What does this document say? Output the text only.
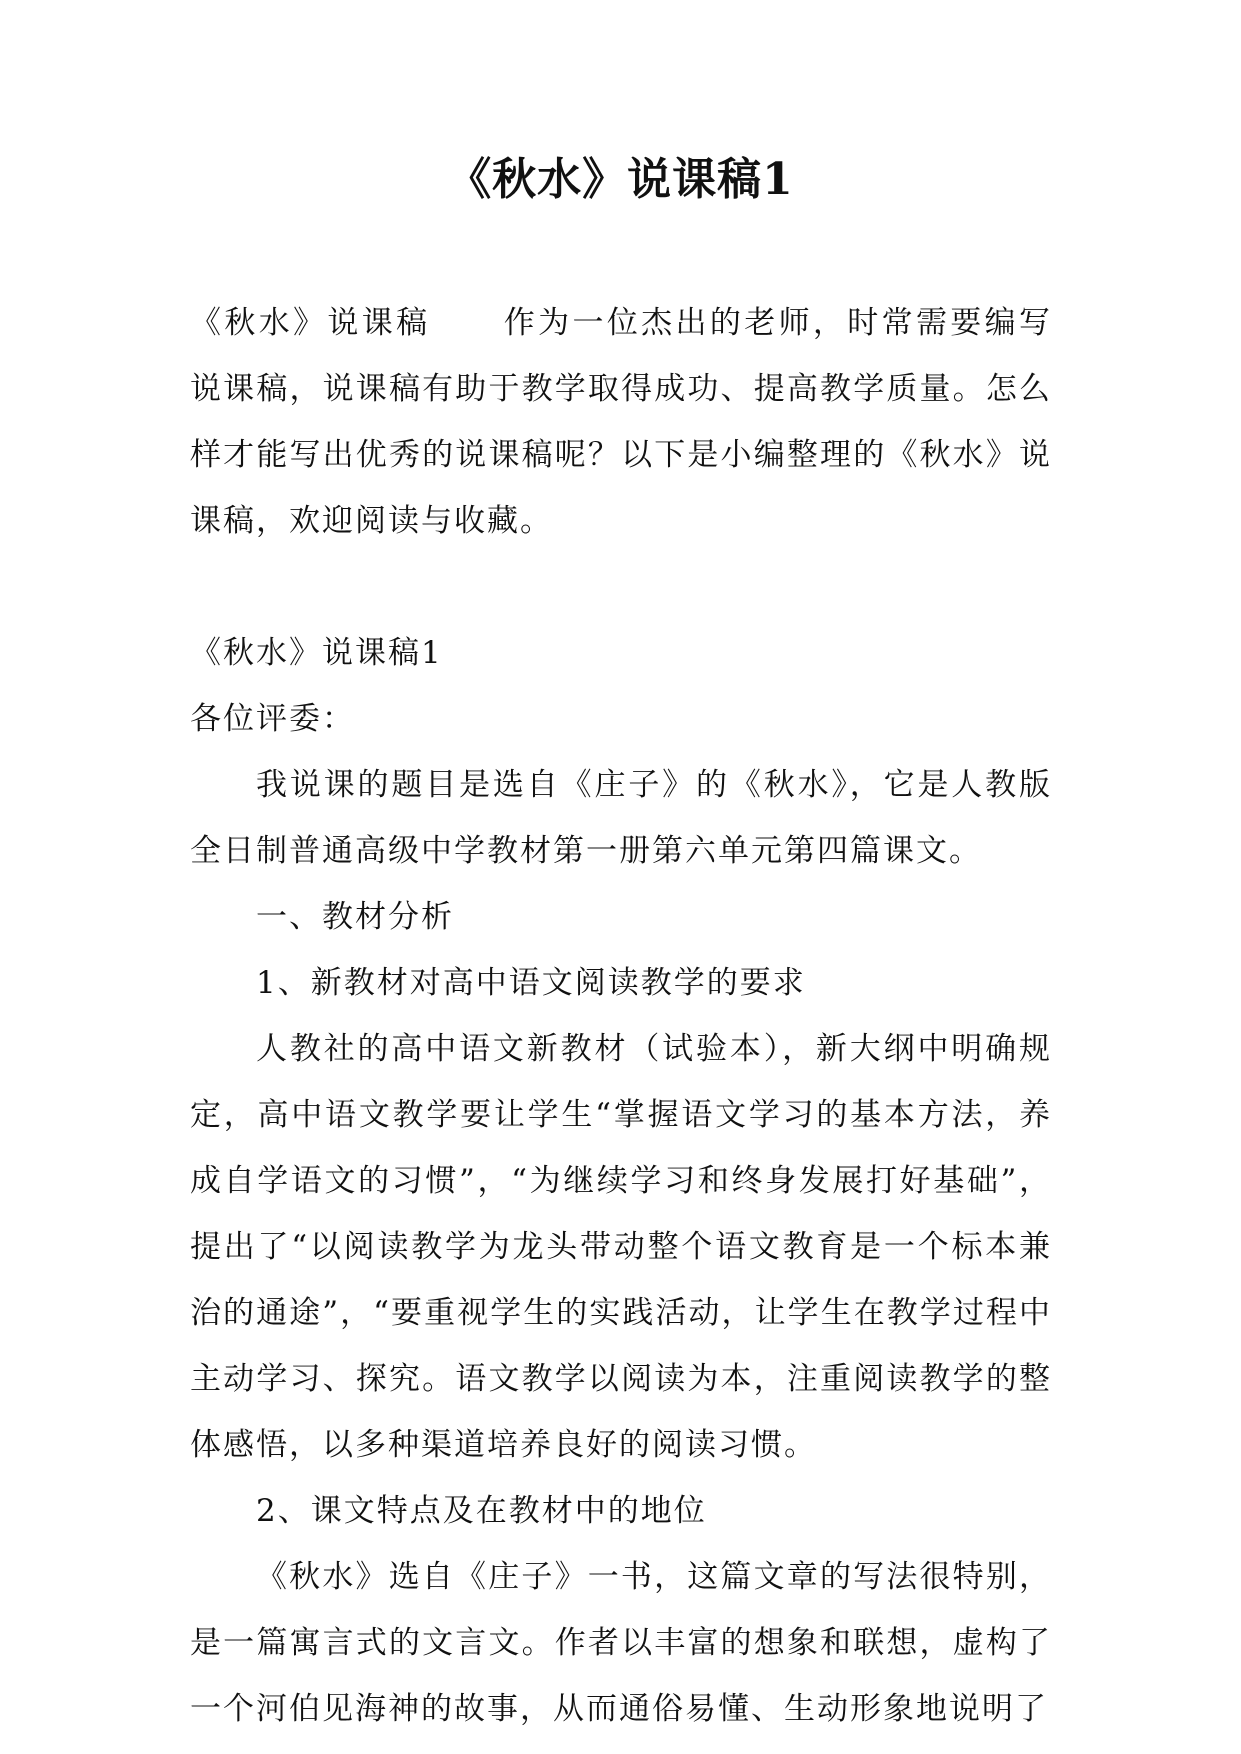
《秋水》说课稿1

《秋水》说课稿 作为一位杰出的老师，时常需要编写说课稿，说课稿有助于教学取得成功、提高教学质量。怎么样才能写出优秀的说课稿呢？以下是小编整理的《秋水》说课稿，欢迎阅读与收藏。

《秋水》说课稿1

各位评委：

我说课的题目是选自《庄子》的《秋水》，它是人教版全日制普通高级中学教材第一册第六单元第四篇课文。

一、教材分析

1、新教材对高中语文阅读教学的要求

人教社的高中语文新教材（试验本），新大纲中明确规定，高中语文教学要让学生“掌握语文学习的基本方法，养成自学语文的习惯”，“为继续学习和终身发展打好基础”，提出了“以阅读教学为龙头带动整个语文教育是一个标本兼治的通途”，“要重视学生的实践活动，让学生在教学过程中主动学习、探究。语文教学以阅读为本，注重阅读教学的整体感悟，以多种渠道培养良好的阅读习惯。

2、课文特点及在教材中的地位

《秋水》选自《庄子》一书，这篇文章的写法很特别，是一篇寓言式的文言文。作者以丰富的想象和联想，虚构了一个河伯见海神的故事，从而通俗易懂、生动形象地说明了
